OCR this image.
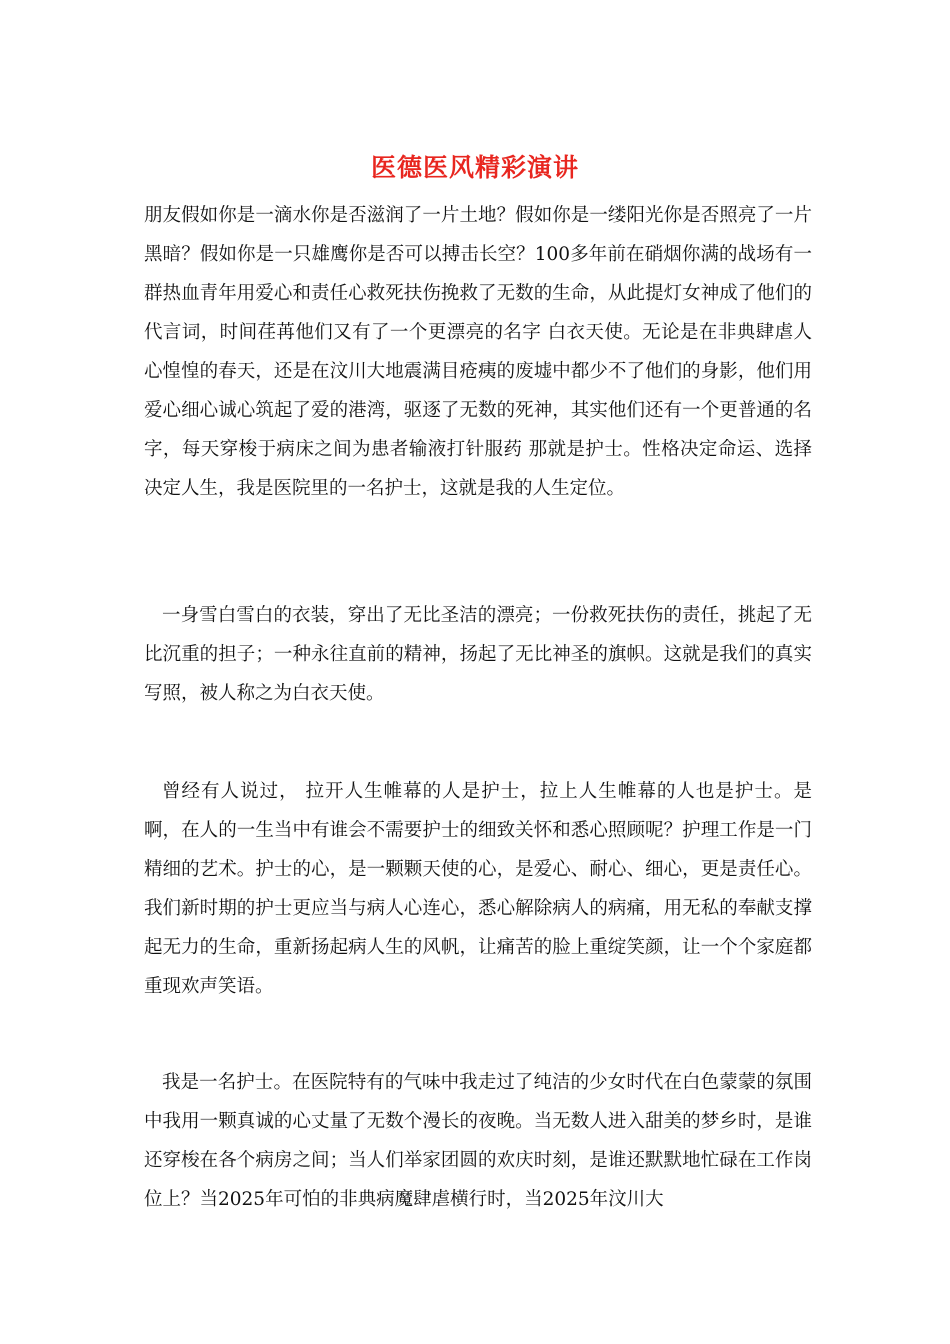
医德医风精彩演讲

朋友假如你是一滴水你是否滋润了一片土地？假如你是一缕阳光你是否照亮了一片黑暗？假如你是一只雄鹰你是否可以搏击长空？100多年前在硝烟你满的战场有一群热血青年用爱心和责任心救死扶伤挽救了无数的生命，从此提灯女神成了他们的代言词，时间荏苒他们又有了一个更漂亮的名字 白衣天使。无论是在非典肆虐人心惶惶的春天，还是在汶川大地震满目疮痍的废墟中都少不了他们的身影，他们用爱心细心诚心筑起了爱的港湾，驱逐了无数的死神，其实他们还有一个更普通的名字，每天穿梭于病床之间为患者输液打针服药 那就是护士。性格决定命运、选择决定人生，我是医院里的一名护士，这就是我的人生定位。

一身雪白雪白的衣装，穿出了无比圣洁的漂亮；一份救死扶伤的责任，挑起了无比沉重的担子；一种永往直前的精神，扬起了无比神圣的旗帜。这就是我们的真实写照，被人称之为白衣天使。

曾经有人说过， 拉开人生帷幕的人是护士，拉上人生帷幕的人也是护士。是啊，在人的一生当中有谁会不需要护士的细致关怀和悉心照顾呢？护理工作是一门精细的艺术。护士的心，是一颗颗天使的心，是爱心、耐心、细心，更是责任心。我们新时期的护士更应当与病人心连心，悉心解除病人的病痛，用无私的奉献支撑起无力的生命，重新扬起病人生的风帆，让痛苦的脸上重绽笑颜，让一个个家庭都重现欢声笑语。

我是一名护士。在医院特有的气味中我走过了纯洁的少女时代在白色蒙蒙的氛围中我用一颗真诚的心丈量了无数个漫长的夜晚。当无数人进入甜美的梦乡时，是谁还穿梭在各个病房之间；当人们举家团圆的欢庆时刻，是谁还默默地忙碌在工作岗位上？当2025年可怕的非典病魔肆虐横行时，当2025年汶川大
